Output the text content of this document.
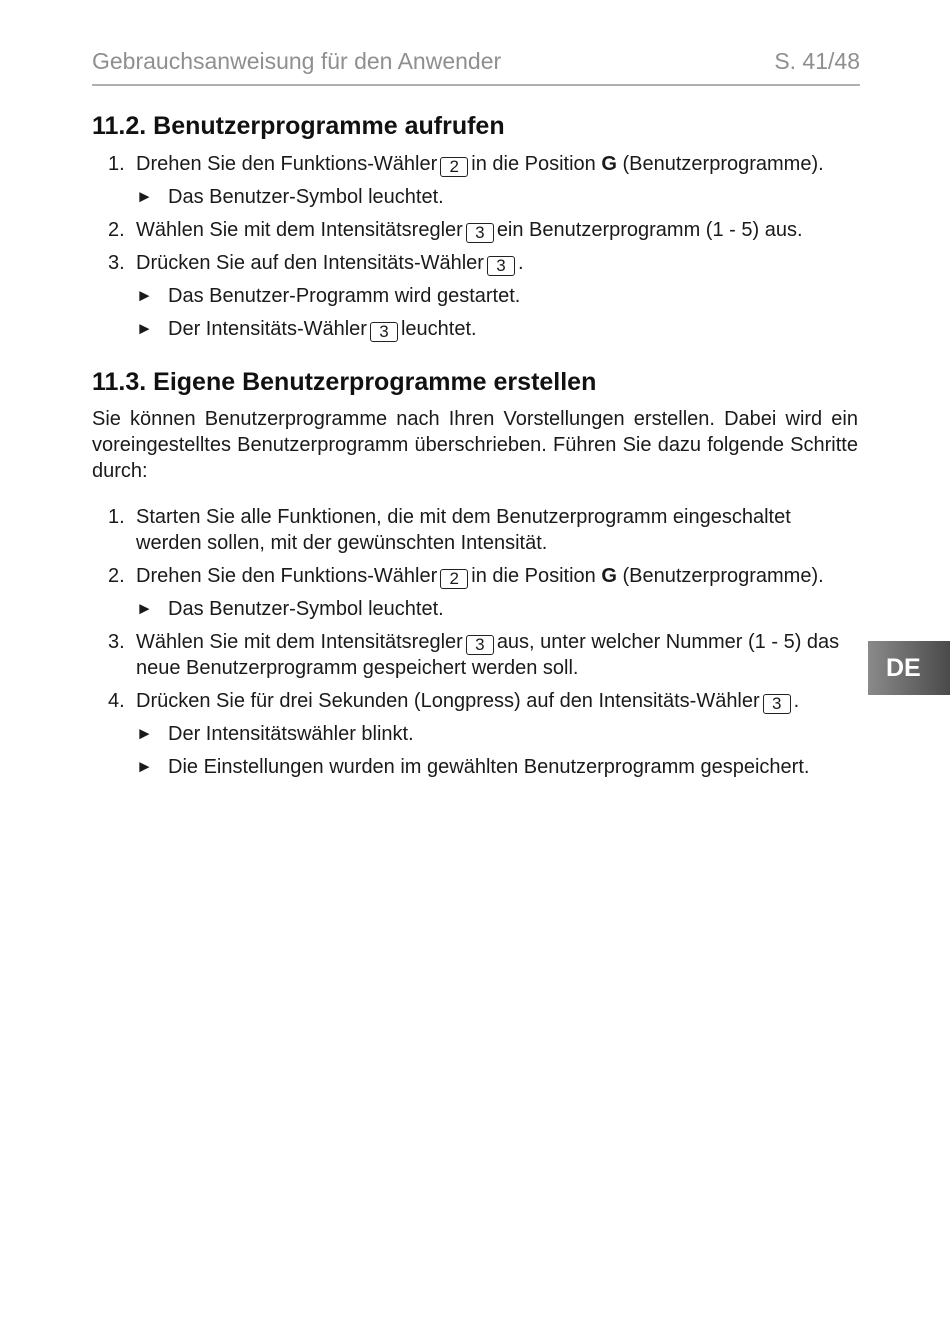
Gebrauchsanweisung für den Anwender	S. 41/48
11.2. Benutzerprogramme aufrufen
1. Drehen Sie den Funktions-Wähler 2 in die Position G (Benutzerprogramme).
► Das Benutzer-Symbol leuchtet.
2. Wählen Sie mit dem Intensitätsregler 3 ein Benutzerprogramm (1 - 5) aus.
3. Drücken Sie auf den Intensitäts-Wähler 3 .
► Das Benutzer-Programm wird gestartet.
► Der Intensitäts-Wähler 3 leuchtet.
11.3. Eigene Benutzerprogramme erstellen

Sie können Benutzerprogramme nach Ihren Vorstellungen erstellen. Dabei wird ein voreingestelltes Benutzerprogramm überschrieben. Führen Sie dazu folgende Schritte durch:

1. Starten Sie alle Funktionen, die mit dem Benutzerprogramm eingeschaltet werden sollen, mit der gewünschten Intensität.
2. Drehen Sie den Funktions-Wähler 2 in die Position G (Benutzerprogramme).
► Das Benutzer-Symbol leuchtet.
3. Wählen Sie mit dem Intensitätsregler 3 aus, unter welcher Nummer (1 - 5) das neue Benutzerprogramm gespeichert werden soll.
4. Drücken Sie für drei Sekunden (Longpress) auf den Intensitäts-Wähler 3 .
► Der Intensitätswähler blinkt.
► Die Einstellungen wurden im gewählten Benutzerprogramm gespeichert.
DE
